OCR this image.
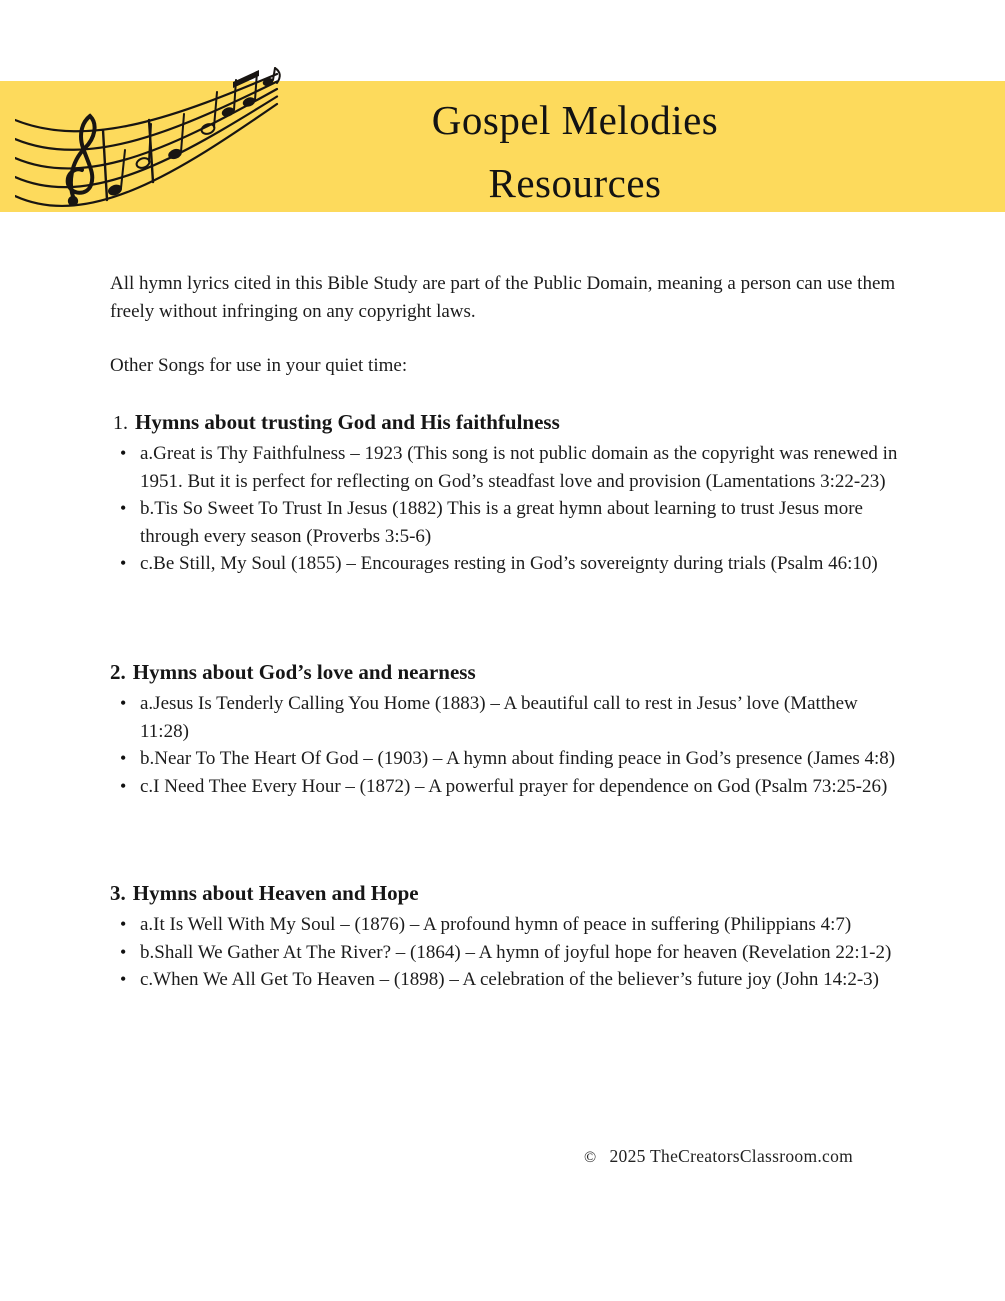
Gospel Melodies
Resources
All hymn lyrics cited in this Bible Study are part of the Public Domain, meaning a person can use them freely without infringing on any copyright laws.
Other Songs for use in your quiet time:
1. Hymns about trusting God and His faithfulness
• a.Great is Thy Faithfulness – 1923 (This song is not public domain as the copyright was renewed in 1951. But it is perfect for reflecting on God’s steadfast love and provision (Lamentations 3:22-23)
• b.Tis So Sweet To Trust In Jesus (1882) This is a great hymn about learning to trust Jesus more through every season (Proverbs 3:5-6)
• c.Be Still, My Soul (1855) – Encourages resting in God’s sovereignty during trials (Psalm 46:10)
2. Hymns about God’s love and nearness
• a.Jesus Is Tenderly Calling You Home (1883) – A beautiful call to rest in Jesus’ love (Matthew 11:28)
• b.Near To The Heart Of God – (1903) – A hymn about finding peace in God’s presence (James 4:8)
• c.I Need Thee Every Hour – (1872) – A powerful prayer for dependence on God (Psalm 73:25-26)
3. Hymns about Heaven and Hope
• a.It Is Well With My Soul – (1876) – A profound hymn of peace in suffering (Philippians 4:7)
• b.Shall We Gather At The River? – (1864) – A hymn of joyful hope for heaven (Revelation 22:1-2)
• c.When We All Get To Heaven – (1898) – A celebration of the believer’s future joy (John 14:2-3)
© 2025 TheCreatorsClassroom.com
